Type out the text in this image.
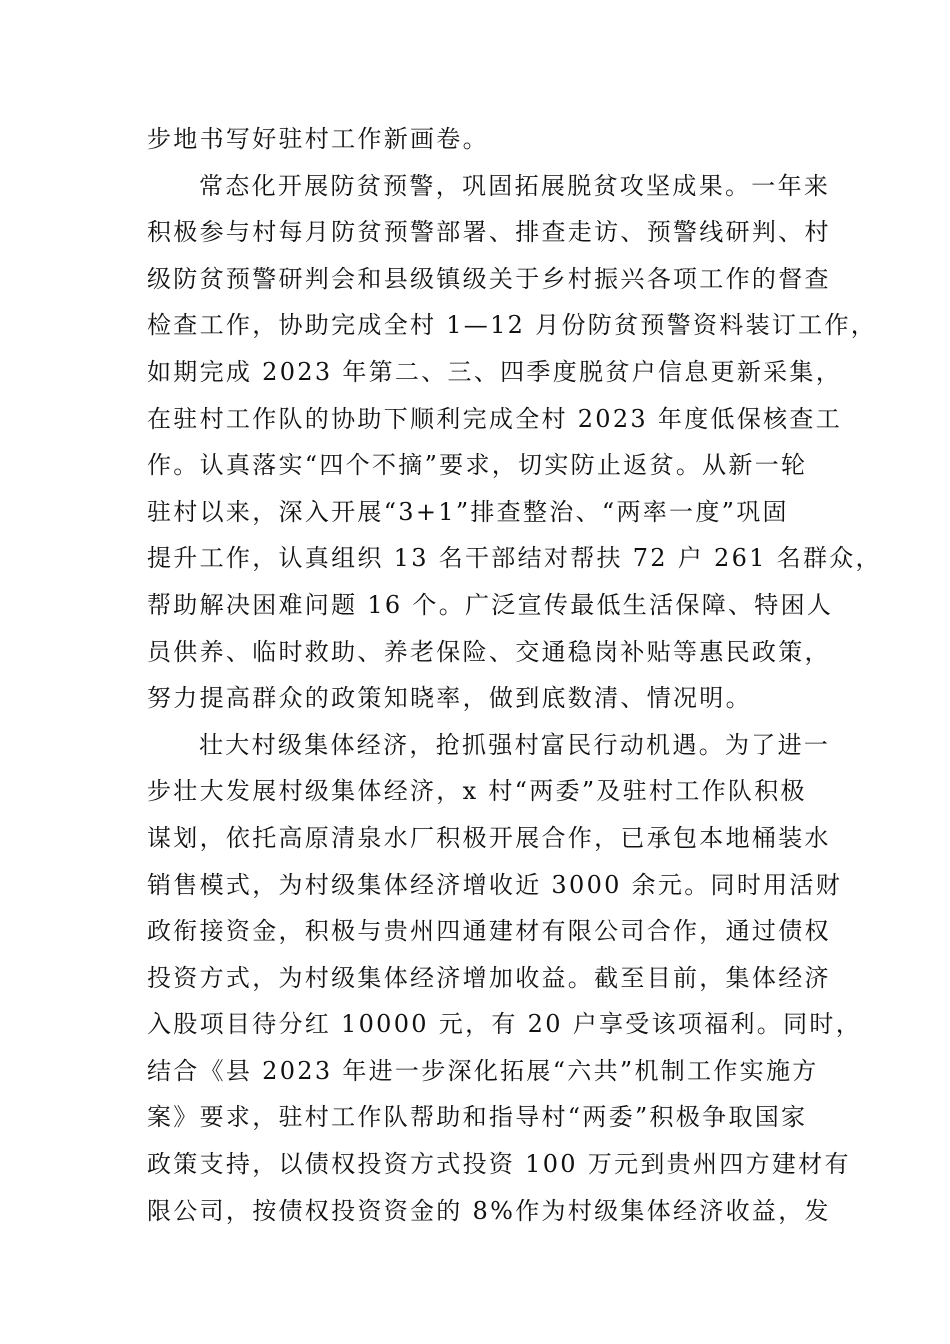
步地书写好驻村工作新画卷。
常态化开展防贫预警，巩固拓展脱贫攻坚成果。一年来
积极参与村每月防贫预警部署、排查走访、预警线研判、村
级防贫预警研判会和县级镇级关于乡村振兴各项工作的督查
检查工作，协助完成全村 1—12 月份防贫预警资料装订工作，
如期完成 2023 年第二、三、四季度脱贫户信息更新采集，
在驻村工作队的协助下顺利完成全村 2023 年度低保核查工
作。认真落实“四个不摘”要求，切实防止返贫。从新一轮
驻村以来，深入开展“3+1”排查整治、“两率一度”巩固
提升工作，认真组织 13 名干部结对帮扶 72 户 261 名群众，
帮助解决困难问题 16 个。广泛宣传最低生活保障、特困人
员供养、临时救助、养老保险、交通稳岗补贴等惠民政策，
努力提高群众的政策知晓率，做到底数清、情况明。
壮大村级集体经济，抢抓强村富民行动机遇。为了进一
步壮大发展村级集体经济，x 村“两委”及驻村工作队积极
谋划，依托高原清泉水厂积极开展合作，已承包本地桶装水
销售模式，为村级集体经济增收近 3000 余元。同时用活财
政衔接资金，积极与贵州四通建材有限公司合作，通过债权
投资方式，为村级集体经济增加收益。截至目前，集体经济
入股项目待分红 10000 元，有 20 户享受该项福利。同时，
结合《县 2023 年进一步深化拓展“六共”机制工作实施方
案》要求，驻村工作队帮助和指导村“两委”积极争取国家
政策支持，以债权投资方式投资 100 万元到贵州四方建材有
限公司，按债权投资资金的 8%作为村级集体经济收益，发
